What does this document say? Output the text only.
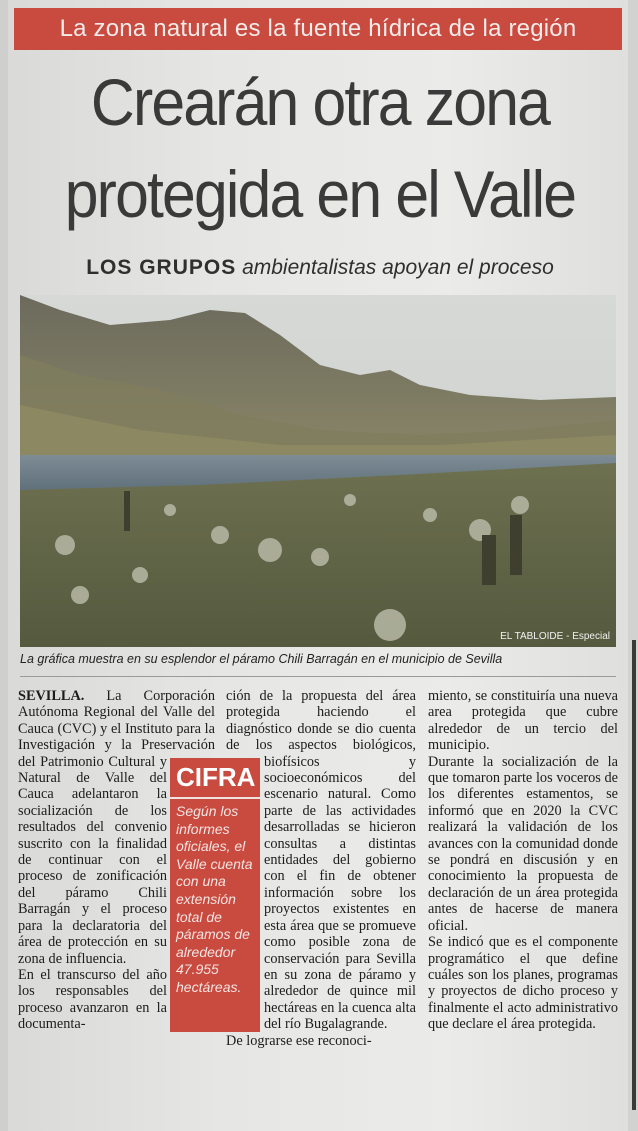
La zona natural es la fuente hídrica de la región
Crearán otra zona
protegida en el Valle
LOS GRUPOS ambientalistas apoyan el proceso
EL TABLOIDE - Especial
La gráfica muestra en su esplendor el páramo Chili Barragán en el municipio de Sevilla

SEVILLA. La Corporación Autónoma Regional del Valle del Cauca (CVC) y el Instituto para la Investigación y la Preservación del Patrimonio Cultural y Natural de Valle del Cauca adelantaron la socialización de los resultados del convenio suscrito con la finalidad de continuar con el proceso de zonificación del páramo Chili Barragán y el proceso para la declaratoria del área de protección en su zona de influencia.

En el transcurso del año los responsables del proceso avanzaron en la documenta-

ción de la propuesta del área protegida haciendo el diagnóstico donde se dio cuenta de los aspectos biológicos, biofísicos y socioeconómicos del escenario natural. Como parte de las actividades desarrolladas se hicieron consultas a distintas entidades del gobierno con el fin de obtener información sobre los proyectos existentes en esta área que se promueve como posible zona de conservación para Sevilla en su zona de páramo y alrededor de quince mil hectáreas en la cuenca alta del río Bugalagrande.

De lograrse ese reconoci-

miento, se constituiría una nueva area protegida que cubre alrededor de un tercio del municipio.

Durante la socialización de la que tomaron parte los voceros de los diferentes estamentos, se informó que en 2020 la CVC realizará la validación de los avances con la comunidad donde se pondrá en discusión y en conocimiento la propuesta de declaración de un área protegida antes de hacerse de manera oficial.

Se indicó que es el componente programático el que define cuáles son los planes, programas y proyectos de dicho proceso y finalmente el acto administrativo que declare el área protegida.

CIFRA
Según los informes oficiales, el Valle cuenta con una extensión total de páramos de alrededor 47.955 hectáreas.
